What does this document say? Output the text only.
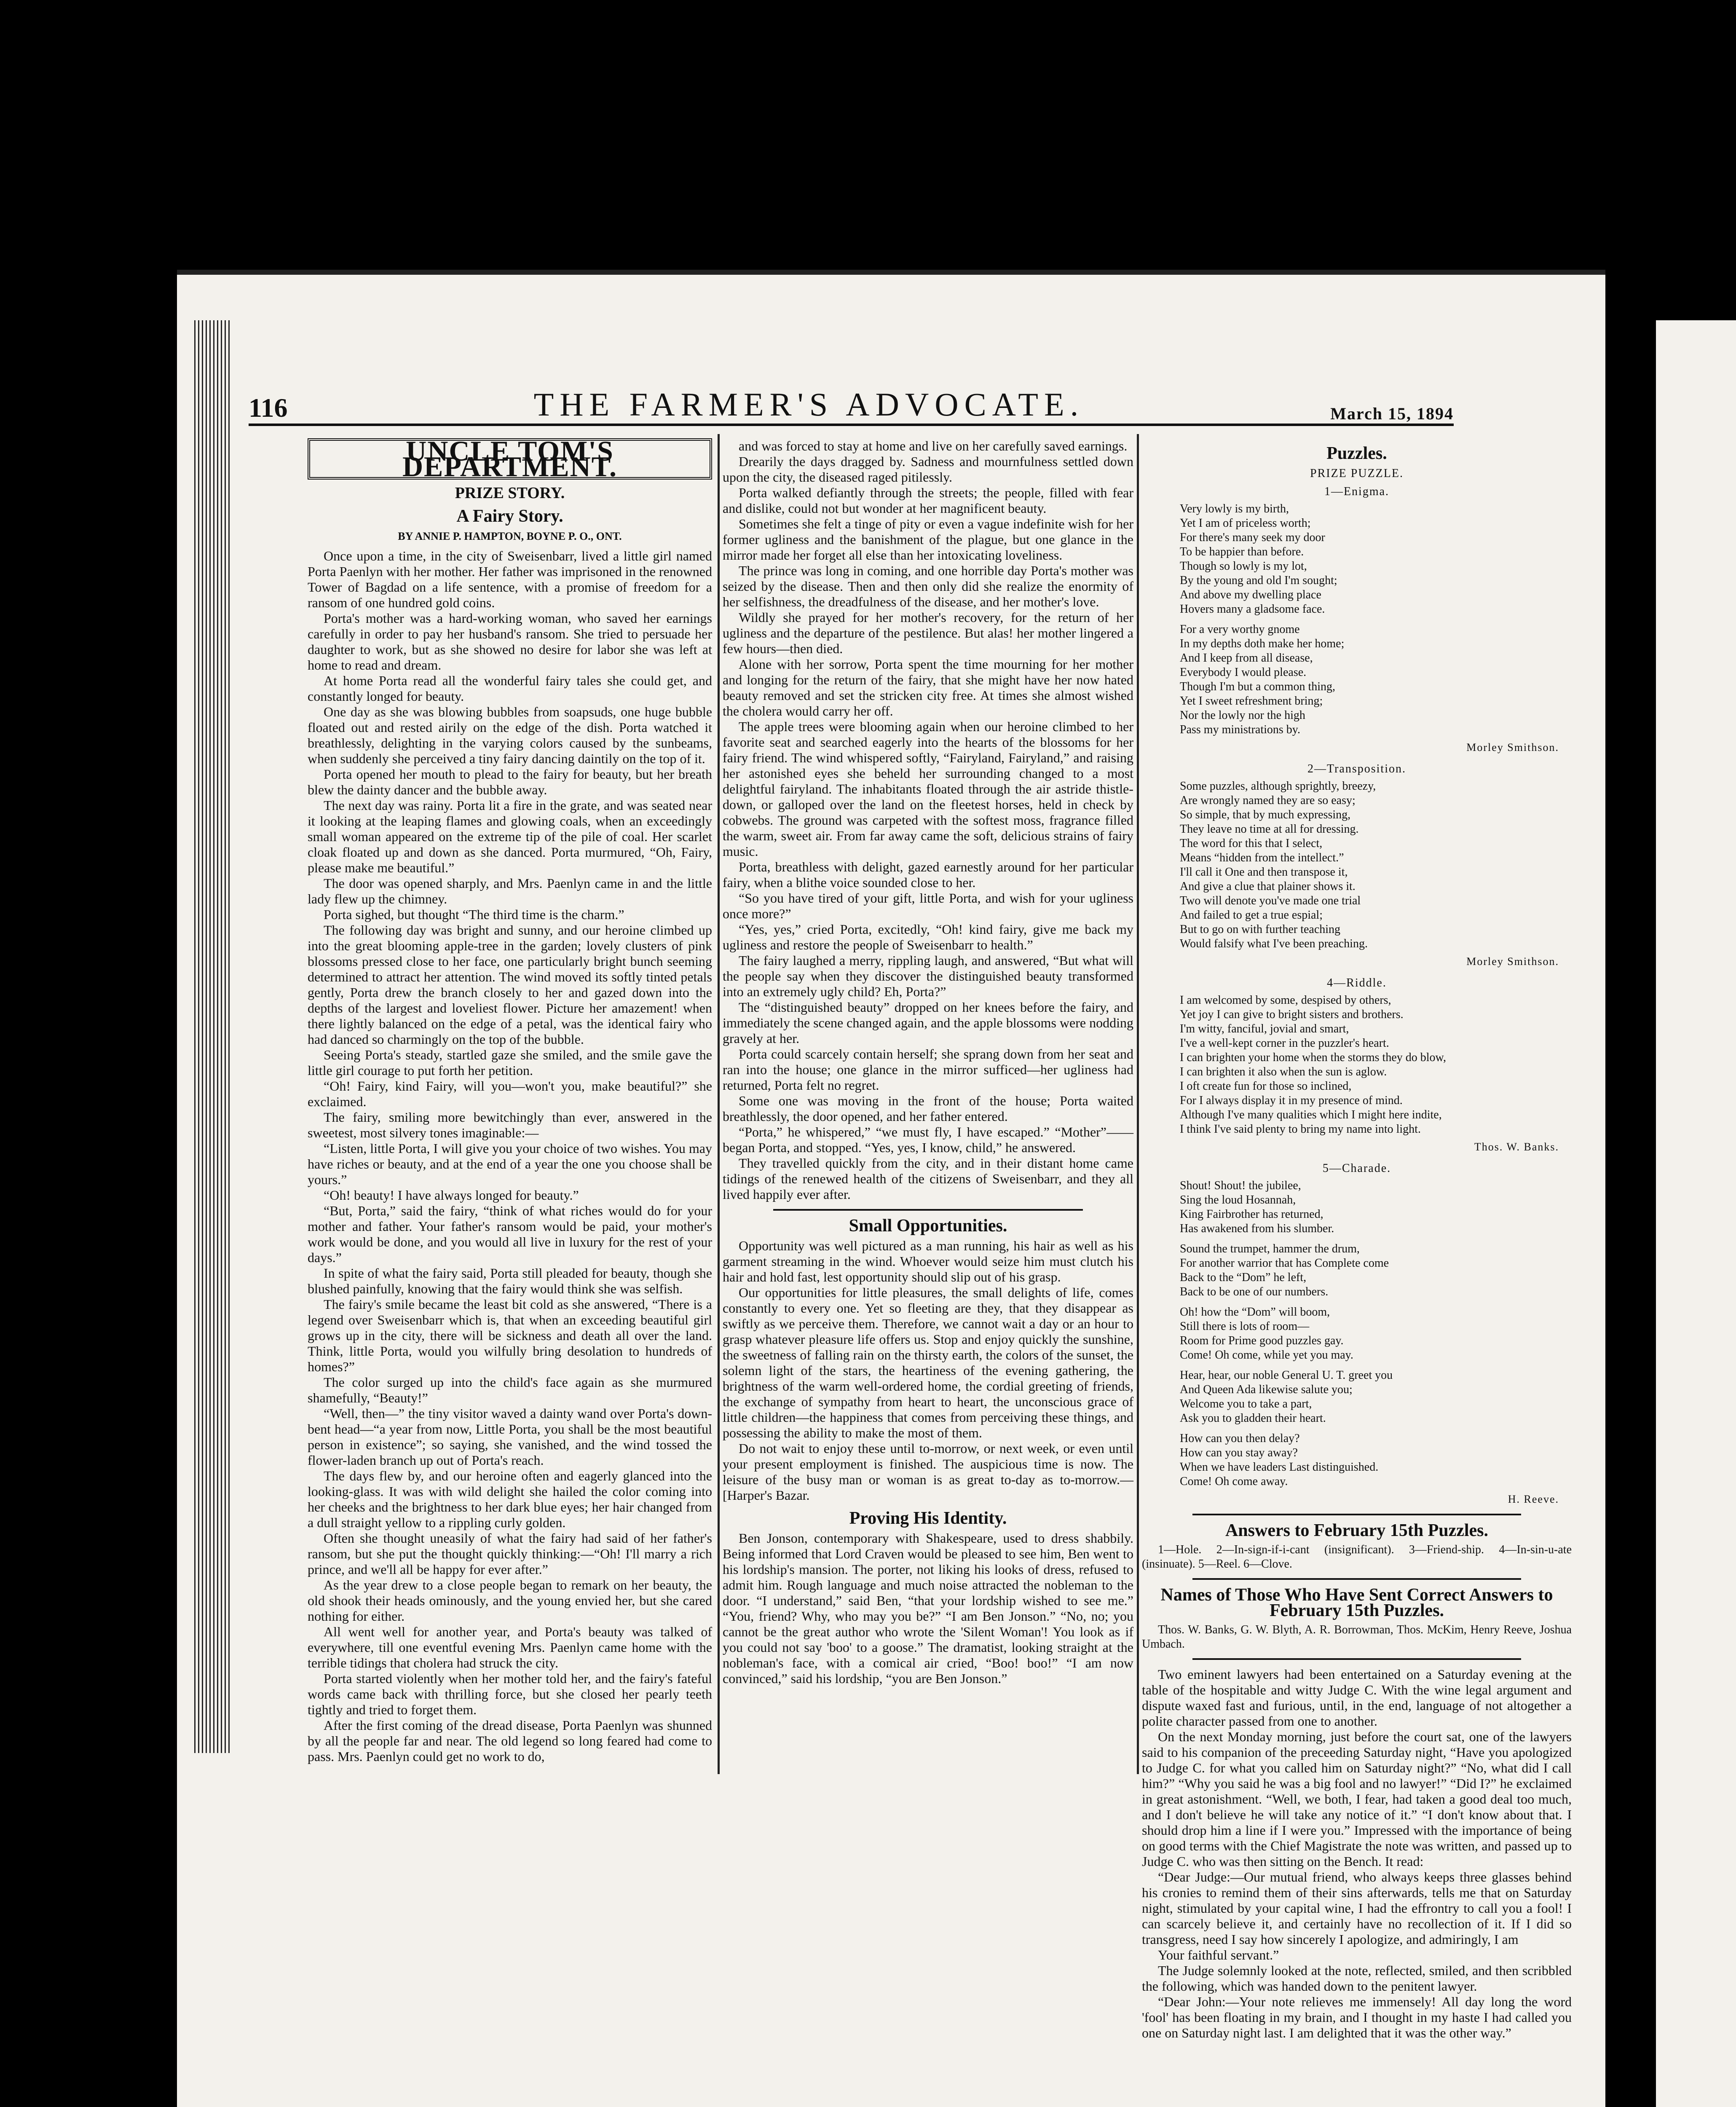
116	THE FARMER'S ADVOCATE.	March 15, 1894
UNCLE TOM'S DEPARTMENT.
PRIZE STORY.
A Fairy Story.
BY ANNIE P. HAMPTON, BOYNE P. O., ONT.

Once upon a time, in the city of Sweisenbarr, lived a little girl named Porta Paenlyn with her mother. Her father was imprisoned in the renowned Tower of Bagdad on a life sentence, with a promise of freedom for a ransom of one hundred gold coins.

Porta's mother was a hard-working woman, who saved her earnings carefully in order to pay her husband's ransom. She tried to persuade her daughter to work, but as she showed no desire for labor she was left at home to read and dream.

At home Porta read all the wonderful fairy tales she could get, and constantly longed for beauty.

One day as she was blowing bubbles from soapsuds, one huge bubble floated out and rested airily on the edge of the dish. Porta watched it breathlessly, delighting in the varying colors caused by the sunbeams, when suddenly she perceived a tiny fairy dancing daintily on the top of it.

Porta opened her mouth to plead to the fairy for beauty, but her breath blew the dainty dancer and the bubble away.

The next day was rainy. Porta lit a fire in the grate, and was seated near it looking at the leaping flames and glowing coals, when an exceedingly small woman appeared on the extreme tip of the pile of coal. Her scarlet cloak floated up and down as she danced. Porta murmured, “Oh, Fairy, please make me beautiful.”

The door was opened sharply, and Mrs. Paenlyn came in and the little lady flew up the chimney.

Porta sighed, but thought “The third time is the charm.”

The following day was bright and sunny, and our heroine climbed up into the great blooming apple-tree in the garden; lovely clusters of pink blossoms pressed close to her face, one particularly bright bunch seeming determined to attract her attention. The wind moved its softly tinted petals gently, Porta drew the branch closely to her and gazed down into the depths of the largest and loveliest flower. Picture her amazement! when there lightly balanced on the edge of a petal, was the identical fairy who had danced so charmingly on the top of the bubble.

Seeing Porta's steady, startled gaze she smiled, and the smile gave the little girl courage to put forth her petition.

“Oh! Fairy, kind Fairy, will you—won't you, make beautiful?” she exclaimed.

The fairy, smiling more bewitchingly than ever, answered in the sweetest, most silvery tones imaginable:—

“Listen, little Porta, I will give you your choice of two wishes. You may have riches or beauty, and at the end of a year the one you choose shall be yours.”

“Oh! beauty! I have always longed for beauty.”

“But, Porta,” said the fairy, “think of what riches would do for your mother and father. Your father's ransom would be paid, your mother's work would be done, and you would all live in luxury for the rest of your days.”

In spite of what the fairy said, Porta still pleaded for beauty, though she blushed painfully, knowing that the fairy would think she was selfish.

The fairy's smile became the least bit cold as she answered, “There is a legend over Sweisenbarr which is, that when an exceeding beautiful girl grows up in the city, there will be sickness and death all over the land. Think, little Porta, would you wilfully bring desolation to hundreds of homes?”

The color surged up into the child's face again as she murmured shamefully, “Beauty!”

“Well, then—” the tiny visitor waved a dainty wand over Porta's down-bent head—“a year from now, Little Porta, you shall be the most beautiful person in existence”; so saying, she vanished, and the wind tossed the flower-laden branch up out of Porta's reach.

The days flew by, and our heroine often and eagerly glanced into the looking-glass. It was with wild delight she hailed the color coming into her cheeks and the brightness to her dark blue eyes; her hair changed from a dull straight yellow to a rippling curly golden.

Often she thought uneasily of what the fairy had said of her father's ransom, but she put the thought quickly thinking:—“Oh! I'll marry a rich prince, and we'll all be happy for ever after.”

As the year drew to a close people began to remark on her beauty, the old shook their heads ominously, and the young envied her, but she cared nothing for either.

All went well for another year, and Porta's beauty was talked of everywhere, till one eventful evening Mrs. Paenlyn came home with the terrible tidings that cholera had struck the city.

Porta started violently when her mother told her, and the fairy's fateful words came back with thrilling force, but she closed her pearly teeth tightly and tried to forget them.

After the first coming of the dread disease, Porta Paenlyn was shunned by all the people far and near. The old legend so long feared had come to pass. Mrs. Paenlyn could get no work to do,

and was forced to stay at home and live on her carefully saved earnings.

Drearily the days dragged by. Sadness and mournfulness settled down upon the city, the diseased raged pitilessly.

Porta walked defiantly through the streets; the people, filled with fear and dislike, could not but wonder at her magnificent beauty.

Sometimes she felt a tinge of pity or even a vague indefinite wish for her former ugliness and the banishment of the plague, but one glance in the mirror made her forget all else than her intoxicating loveliness.

The prince was long in coming, and one horrible day Porta's mother was seized by the disease. Then and then only did she realize the enormity of her selfishness, the dreadfulness of the disease, and her mother's love.

Wildly she prayed for her mother's recovery, for the return of her ugliness and the departure of the pestilence. But alas! her mother lingered a few hours—then died.

Alone with her sorrow, Porta spent the time mourning for her mother and longing for the return of the fairy, that she might have her now hated beauty removed and set the stricken city free. At times she almost wished the cholera would carry her off.

The apple trees were blooming again when our heroine climbed to her favorite seat and searched eagerly into the hearts of the blossoms for her fairy friend. The wind whispered softly, “Fairyland, Fairyland,” and raising her astonished eyes she beheld her surrounding changed to a most delightful fairyland. The inhabitants floated through the air astride thistle-down, or galloped over the land on the fleetest horses, held in check by cobwebs. The ground was carpeted with the softest moss, fragrance filled the warm, sweet air. From far away came the soft, delicious strains of fairy music.

Porta, breathless with delight, gazed earnestly around for her particular fairy, when a blithe voice sounded close to her.

“So you have tired of your gift, little Porta, and wish for your ugliness once more?”

“Yes, yes,” cried Porta, excitedly, “Oh! kind fairy, give me back my ugliness and restore the people of Sweisenbarr to health.”

The fairy laughed a merry, rippling laugh, and answered, “But what will the people say when they discover the distinguished beauty transformed into an extremely ugly child? Eh, Porta?”

The “distinguished beauty” dropped on her knees before the fairy, and immediately the scene changed again, and the apple blossoms were nodding gravely at her.

Porta could scarcely contain herself; she sprang down from her seat and ran into the house; one glance in the mirror sufficed—her ugliness had returned, Porta felt no regret.

Some one was moving in the front of the house; Porta waited breathlessly, the door opened, and her father entered.

“Porta,” he whispered,” “we must fly, I have escaped.” “Mother”——began Porta, and stopped. “Yes, yes, I know, child,” he answered.

They travelled quickly from the city, and in their distant home came tidings of the renewed health of the citizens of Sweisenbarr, and they all lived happily ever after.

Small Opportunities.

Opportunity was well pictured as a man running, his hair as well as his garment streaming in the wind. Whoever would seize him must clutch his hair and hold fast, lest opportunity should slip out of his grasp.

Our opportunities for little pleasures, the small delights of life, comes constantly to every one. Yet so fleeting are they, that they disappear as swiftly as we perceive them. Therefore, we cannot wait a day or an hour to grasp whatever pleasure life offers us. Stop and enjoy quickly the sunshine, the sweetness of falling rain on the thirsty earth, the colors of the sunset, the solemn light of the stars, the heartiness of the evening gathering, the brightness of the warm well-ordered home, the cordial greeting of friends, the exchange of sympathy from heart to heart, the unconscious grace of little children—the happiness that comes from perceiving these things, and possessing the ability to make the most of them.

Do not wait to enjoy these until to-morrow, or next week, or even until your present employment is finished. The auspicious time is now. The leisure of the busy man or woman is as great to-day as to-morrow.—[Harper's Bazar.

Proving His Identity.

Ben Jonson, contemporary with Shakespeare, used to dress shabbily. Being informed that Lord Craven would be pleased to see him, Ben went to his lordship's mansion. The porter, not liking his looks of dress, refused to admit him. Rough language and much noise attracted the nobleman to the door. “I understand,” said Ben, “that your lordship wished to see me.” “You, friend? Why, who may you be?” “I am Ben Jonson.” “No, no; you cannot be the great author who wrote the 'Silent Woman'! You look as if you could not say 'boo' to a goose.” The dramatist, looking straight at the nobleman's face, with a comical air cried, “Boo! boo!” “I am now convinced,” said his lordship, “you are Ben Jonson.”

Puzzles.
PRIZE PUZZLE.
1—Enigma.
Very lowly is my birth,
Yet I am of priceless worth;
For there's many seek my door
To be happier than before.
Though so lowly is my lot,
By the young and old I'm sought;
And above my dwelling place
Hovers many a gladsome face.
For a very worthy gnome
In my depths doth make her home;
And I keep from all disease,
Everybody I would please.
Though I'm but a common thing,
Yet I sweet refreshment bring;
Nor the lowly nor the high
Pass my ministrations by.
Morley Smithson.
2—Transposition.
Some puzzles, although sprightly, breezy,
Are wrongly named they are so easy;
So simple, that by much expressing,
They leave no time at all for dressing.
The word for this that I select,
Means “hidden from the intellect.”
I'll call it One and then transpose it,
And give a clue that plainer shows it.
Two will denote you've made one trial
And failed to get a true espial;
But to go on with further teaching
Would falsify what I've been preaching.
Morley Smithson.
4—Riddle.
I am welcomed by some, despised by others,
Yet joy I can give to bright sisters and brothers.
I'm witty, fanciful, jovial and smart,
I've a well-kept corner in the puzzler's heart.
I can brighten your home when the storms they do blow,
I can brighten it also when the sun is aglow.
I oft create fun for those so inclined,
For I always display it in my presence of mind.
Although I've many qualities which I might here indite,
I think I've said plenty to bring my name into light.
Thos. W. Banks.
5—Charade.
Shout! Shout! the jubilee,
Sing the loud Hosannah,
King Fairbrother has returned,
Has awakened from his slumber.
Sound the trumpet, hammer the drum,
For another warrior that has Complete come
Back to the “Dom” he left,
Back to be one of our numbers.
Oh! how the “Dom” will boom,
Still there is lots of room—
Room for Prime good puzzles gay.
Come! Oh come, while yet you may.
Hear, hear, our noble General U. T. greet you
And Queen Ada likewise salute you;
Welcome you to take a part,
Ask you to gladden their heart.
How can you then delay?
How can you stay away?
When we have leaders Last distinguished.
Come! Oh come away.
H. Reeve.
Answers to February 15th Puzzles.
1—Hole. 2—In-sign-if-i-cant (insignificant). 3—Friend-ship. 4—In-sin-u-ate (insinuate). 5—Reel. 6—Clove.
Names of Those Who Have Sent Correct Answers to February 15th Puzzles.
Thos. W. Banks, G. W. Blyth, A. R. Borrowman, Thos. McKim, Henry Reeve, Joshua Umbach.

Two eminent lawyers had been entertained on a Saturday evening at the table of the hospitable and witty Judge C. With the wine legal argument and dispute waxed fast and furious, until, in the end, language of not altogether a polite character passed from one to another.

On the next Monday morning, just before the court sat, one of the lawyers said to his companion of the preceeding Saturday night, “Have you apologized to Judge C. for what you called him on Saturday night?” “No, what did I call him?” “Why you said he was a big fool and no lawyer!” “Did I?” he exclaimed in great astonishment. “Well, we both, I fear, had taken a good deal too much, and I don't believe he will take any notice of it.” “I don't know about that. I should drop him a line if I were you.” Impressed with the importance of being on good terms with the Chief Magistrate the note was written, and passed up to Judge C. who was then sitting on the Bench. It read:

“Dear Judge:—Our mutual friend, who always keeps three glasses behind his cronies to remind them of their sins afterwards, tells me that on Saturday night, stimulated by your capital wine, I had the effrontry to call you a fool! I can scarcely believe it, and certainly have no recollection of it. If I did so transgress, need I say how sincerely I apologize, and admiringly, I am

Your faithful servant.”

The Judge solemnly looked at the note, reflected, smiled, and then scribbled the following, which was handed down to the penitent lawyer.

“Dear John:—Your note relieves me immensely! All day long the word 'fool' has been floating in my brain, and I thought in my haste I had called you one on Saturday night last. I am delighted that it was the other way.”
